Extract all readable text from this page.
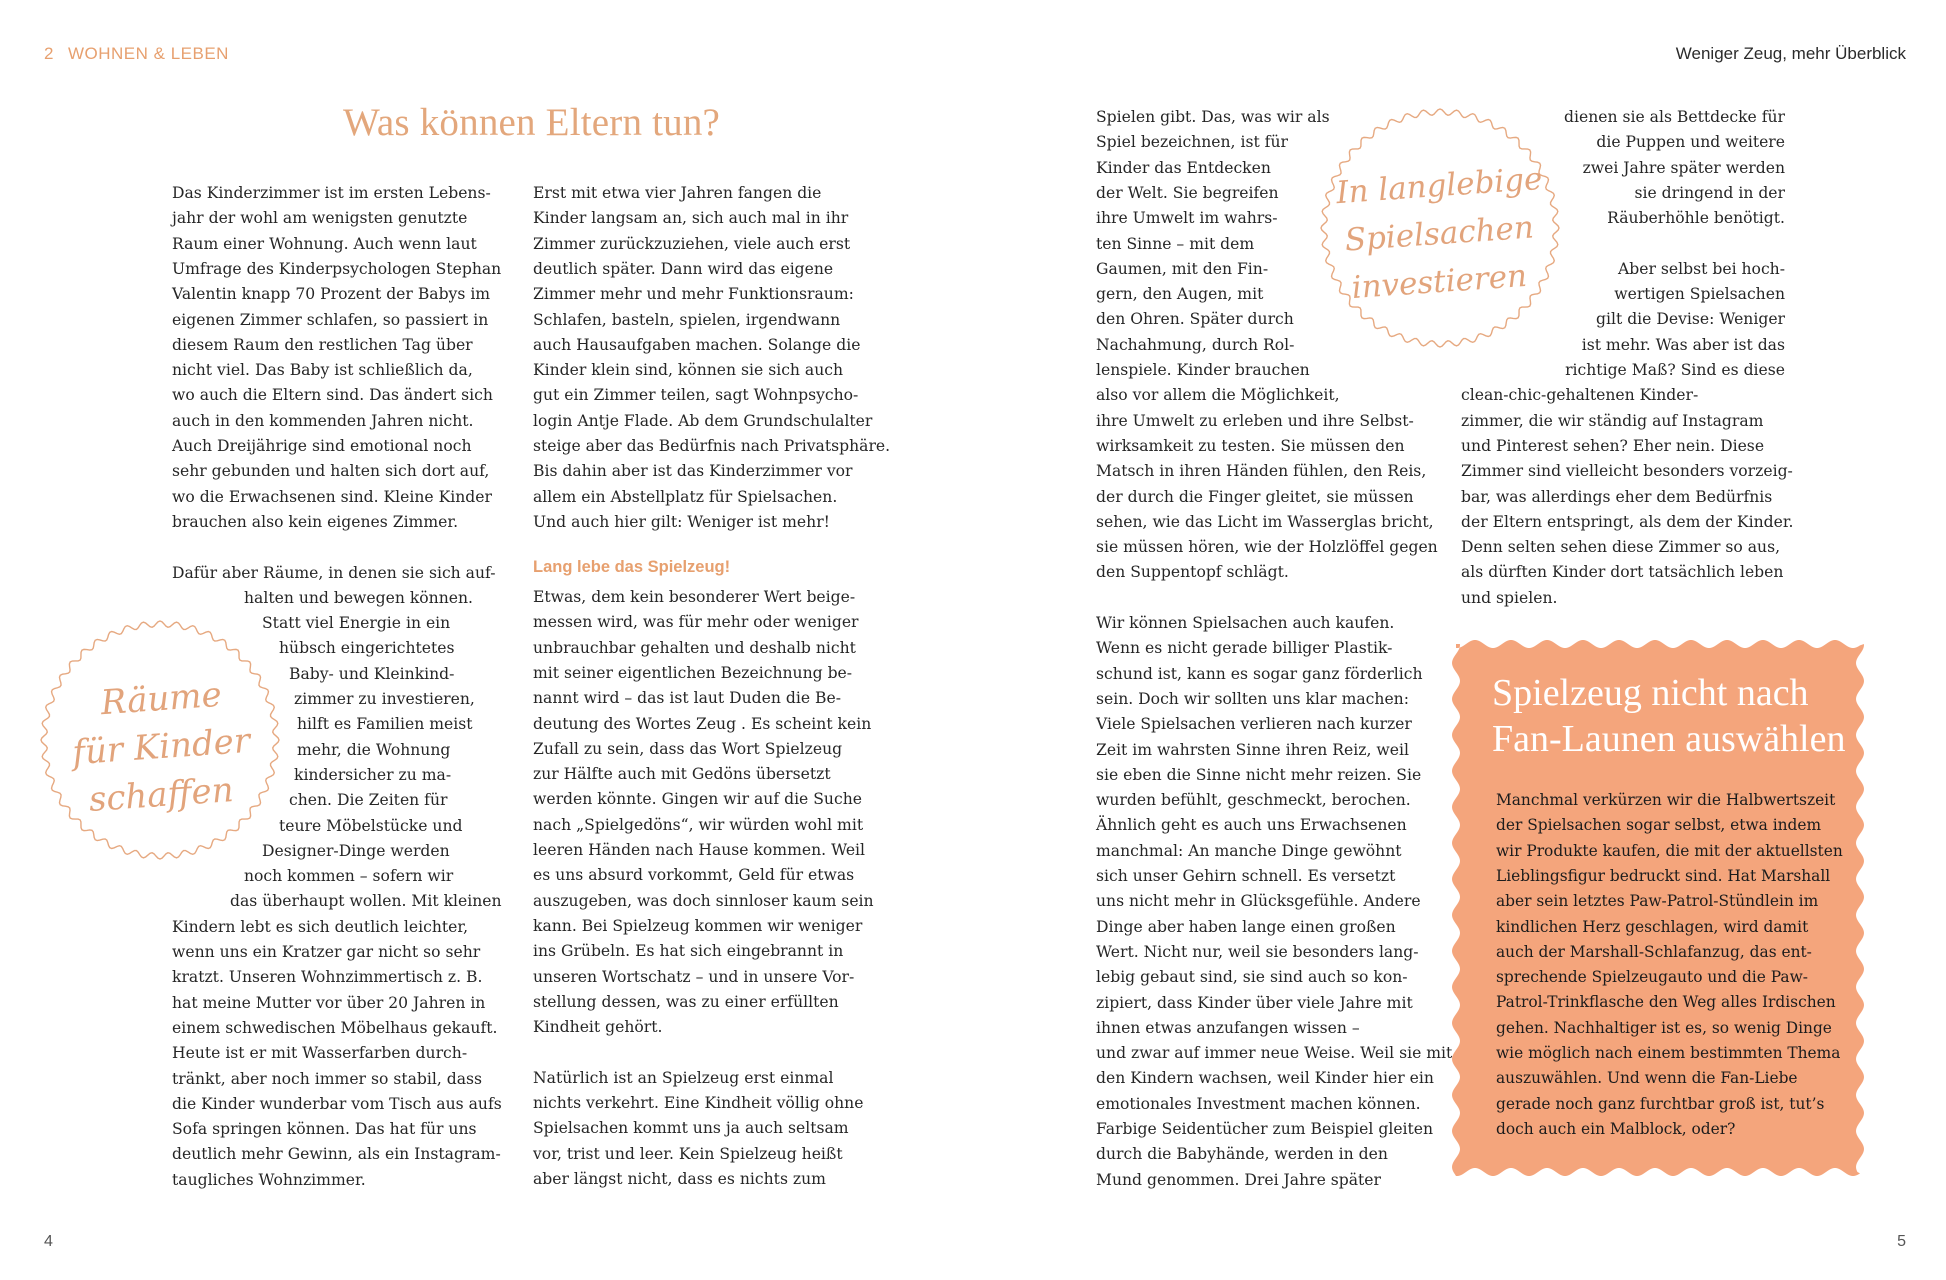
2 WOHNEN & LEBEN	Weniger Zeug, mehr Überblick
Was können Eltern tun?
Räume
für Kinder
schaffen
In langlebige
Spielsachen
investieren
Spielzeug nicht nach
Fan-Launen auswählen
Das Kinderzimmer ist im ersten Lebens-
jahr der wohl am wenigsten genutzte
Raum einer Wohnung. Auch wenn laut
Umfrage des Kinderpsychologen Stephan
Valentin knapp 70 Prozent der Babys im
eigenen Zimmer schlafen, so passiert in
diesem Raum den restlichen Tag über
nicht viel. Das Baby ist schließlich da,
wo auch die Eltern sind. Das ändert sich
auch in den kommenden Jahren nicht.
Auch Dreijährige sind emotional noch
sehr gebunden und halten sich dort auf,
wo die Erwachsenen sind. Kleine Kinder
brauchen also kein eigenes Zimmer.
Dafür aber Räume, in denen sie sich auf-
halten und bewegen können.
Statt viel Energie in ein
hübsch eingerichtetes
Baby- und Kleinkind-
zimmer zu investieren,
hilft es Familien meist
mehr, die Wohnung
kindersicher zu ma-
chen. Die Zeiten für
teure Möbelstücke und
Designer-Dinge werden
noch kommen – sofern wir
das überhaupt wollen. Mit kleinen
Kindern lebt es sich deutlich leichter,
wenn uns ein Kratzer gar nicht so sehr
kratzt. Unseren Wohnzimmertisch z. B.
hat meine Mutter vor über 20 Jahren in
einem schwedischen Möbelhaus gekauft.
Heute ist er mit Wasserfarben durch-
tränkt, aber noch immer so stabil, dass
die Kinder wunderbar vom Tisch aus aufs
Sofa springen können. Das hat für uns
deutlich mehr Gewinn, als ein Instagram-
taugliches Wohnzimmer.
Erst mit etwa vier Jahren fangen die
Kinder langsam an, sich auch mal in ihr
Zimmer zurückzuziehen, viele auch erst
deutlich später. Dann wird das eigene
Zimmer mehr und mehr Funktionsraum:
Schlafen, basteln, spielen, irgendwann
auch Hausaufgaben machen. Solange die
Kinder klein sind, können sie sich auch
gut ein Zimmer teilen, sagt Wohnpsycho-
login Antje Flade. Ab dem Grundschulalter
steige aber das Bedürfnis nach Privatsphäre.
Bis dahin aber ist das Kinderzimmer vor
allem ein Abstellplatz für Spielsachen.
Und auch hier gilt: Weniger ist mehr!
Etwas, dem kein besonderer Wert beige-
messen wird, was für mehr oder weniger
unbrauchbar gehalten und deshalb nicht
mit seiner eigentlichen Bezeichnung be-
nannt wird – das ist laut Duden die Be-
deutung des Wortes Zeug . Es scheint kein
Zufall zu sein, dass das Wort Spielzeug
zur Hälfte auch mit Gedöns übersetzt
werden könnte. Gingen wir auf die Suche
nach „Spielgedöns“, wir würden wohl mit
leeren Händen nach Hause kommen. Weil
es uns absurd vorkommt, Geld für etwas
auszugeben, was doch sinnloser kaum sein
kann. Bei Spielzeug kommen wir weniger
ins Grübeln. Es hat sich eingebrannt in
unseren Wortschatz – und in unsere Vor-
stellung dessen, was zu einer erfüllten
Kindheit gehört.
Natürlich ist an Spielzeug erst einmal
nichts verkehrt. Eine Kindheit völlig ohne
Spielsachen kommt uns ja auch seltsam
vor, trist und leer. Kein Spielzeug heißt
aber längst nicht, dass es nichts zum
Lang lebe das Spielzeug!
Spielen gibt. Das, was wir als
Spiel bezeichnen, ist für
Kinder das Entdecken
der Welt. Sie begreifen
ihre Umwelt im wahrs-
ten Sinne – mit dem
Gaumen, mit den Fin-
gern, den Augen, mit
den Ohren. Später durch
Nachahmung, durch Rol-
lenspiele. Kinder brauchen
also vor allem die Möglichkeit,
ihre Umwelt zu erleben und ihre Selbst-
wirksamkeit zu testen. Sie müssen den
Matsch in ihren Händen fühlen, den Reis,
der durch die Finger gleitet, sie müssen
sehen, wie das Licht im Wasserglas bricht,
sie müssen hören, wie der Holzlöffel gegen
den Suppentopf schlägt.
Wir können Spielsachen auch kaufen.
Wenn es nicht gerade billiger Plastik-
schund ist, kann es sogar ganz förderlich
sein. Doch wir sollten uns klar machen:
Viele Spielsachen verlieren nach kurzer
Zeit im wahrsten Sinne ihren Reiz, weil
sie eben die Sinne nicht mehr reizen. Sie
wurden befühlt, geschmeckt, berochen.
Ähnlich geht es auch uns Erwachsenen
manchmal: An manche Dinge gewöhnt
sich unser Gehirn schnell. Es versetzt
uns nicht mehr in Glücksgefühle. Andere
Dinge aber haben lange einen großen
Wert. Nicht nur, weil sie besonders lang-
lebig gebaut sind, sie sind auch so kon-
zipiert, dass Kinder über viele Jahre mit
ihnen etwas anzufangen wissen –
und zwar auf immer neue Weise. Weil sie mit
den Kindern wachsen, weil Kinder hier ein
emotionales Investment machen können.
Farbige Seidentücher zum Beispiel gleiten
durch die Babyhände, werden in den
Mund genommen. Drei Jahre später
dienen sie als Bettdecke für
die Puppen und weitere
zwei Jahre später werden
sie dringend in der
Räuberhöhle benötigt.
Aber selbst bei hoch-
wertigen Spielsachen
gilt die Devise: Weniger
ist mehr. Was aber ist das
richtige Maß? Sind es diese
clean-chic-gehaltenen Kinder-
zimmer, die wir ständig auf Instagram
und Pinterest sehen? Eher nein. Diese
Zimmer sind vielleicht besonders vorzeig-
bar, was allerdings eher dem Bedürfnis
der Eltern entspringt, als dem der Kinder.
Denn selten sehen diese Zimmer so aus,
als dürften Kinder dort tatsächlich leben
und spielen.
Manchmal verkürzen wir die Halbwertszeit
der Spielsachen sogar selbst, etwa indem
wir Produkte kaufen, die mit der aktuellsten
Lieblingsfigur bedruckt sind. Hat Marshall
aber sein letztes Paw-Patrol-Stündlein im
kindlichen Herz geschlagen, wird damit
auch der Marshall-Schlafanzug, das ent-
sprechende Spielzeugauto und die Paw-
Patrol-Trinkflasche den Weg alles Irdischen
gehen. Nachhaltiger ist es, so wenig Dinge
wie möglich nach einem bestimmten Thema
auszuwählen. Und wenn die Fan-Liebe
gerade noch ganz furchtbar groß ist, tut’s
doch auch ein Malblock, oder?
4	5
